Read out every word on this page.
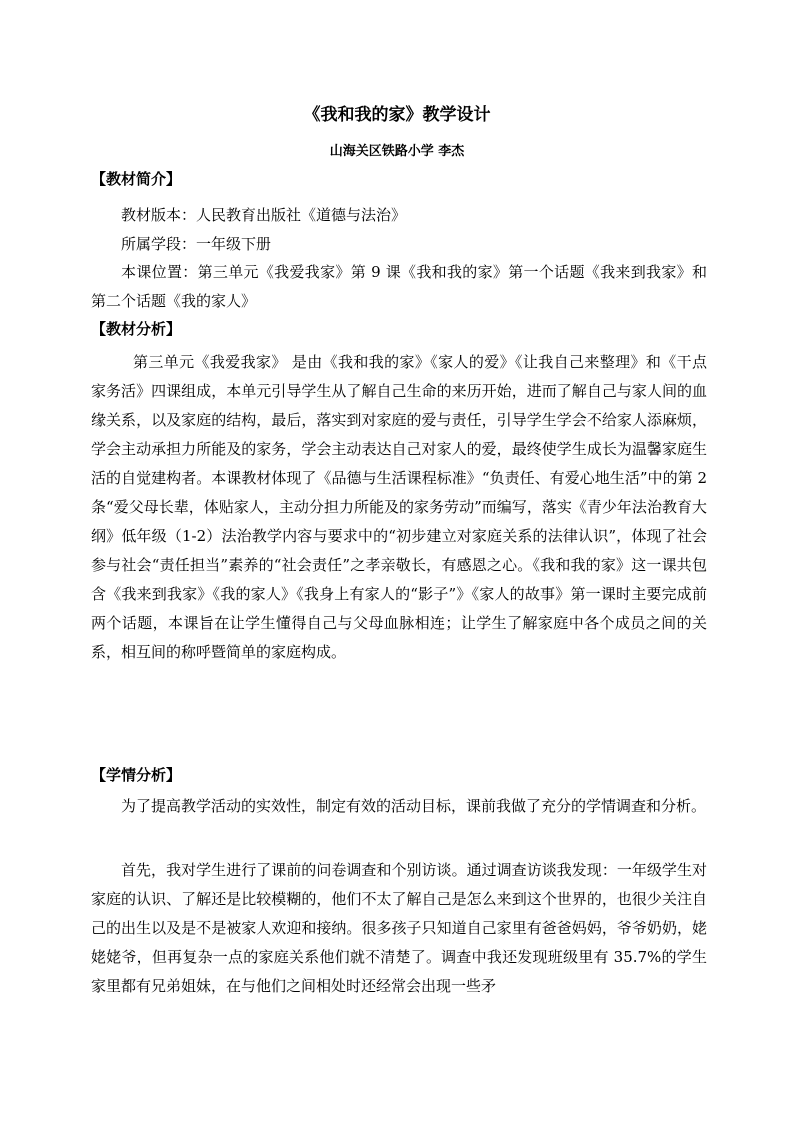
《我和我的家》教学设计
山海关区铁路小学 李杰
【教材简介】

教材版本：人民教育出版社《道德与法治》

所属学段：一年级下册

本课位置：第三单元《我爱我家》第 9 课《我和我的家》第一个话题《我来到我家》和第二个话题《我的家人》

【教材分析】

第三单元《我爱我家》 是由《我和我的家》《家人的爱》《让我自己来整理》和《干点家务活》四课组成，本单元引导学生从了解自己生命的来历开始，进而了解自己与家人间的血缘关系，以及家庭的结构，最后，落实到对家庭的爱与责任，引导学生学会不给家人添麻烦，学会主动承担力所能及的家务，学会主动表达自己对家人的爱，最终使学生成长为温馨家庭生活的自觉建构者。本课教材体现了《品德与生活课程标准》“负责任、有爱心地生活”中的第 2 条“爱父母长辈，体贴家人，主动分担力所能及的家务劳动”而编写，落实《青少年法治教育大纲》低年级（1-2）法治教学内容与要求中的“初步建立对家庭关系的法律认识”，体现了社会参与社会“责任担当”素养的“社会责任”之孝亲敬长，有感恩之心。《我和我的家》这一课共包含《我来到我家》《我的家人》《我身上有家人的“影子”》《家人的故事》第一课时主要完成前两个话题，本课旨在让学生懂得自己与父母血脉相连；让学生了解家庭中各个成员之间的关系，相互间的称呼暨简单的家庭构成。

【学情分析】

为了提高教学活动的实效性，制定有效的活动目标，课前我做了充分的学情调查和分析。

首先，我对学生进行了课前的问卷调查和个别访谈。通过调查访谈我发现：一年级学生对家庭的认识、了解还是比较模糊的，他们不太了解自己是怎么来到这个世界的，也很少关注自己的出生以及是不是被家人欢迎和接纳。很多孩子只知道自己家里有爸爸妈妈，爷爷奶奶，姥姥姥爷，但再复杂一点的家庭关系他们就不清楚了。调查中我还发现班级里有 35.7%的学生家里都有兄弟姐妹，在与他们之间相处时还经常会出现一些矛
